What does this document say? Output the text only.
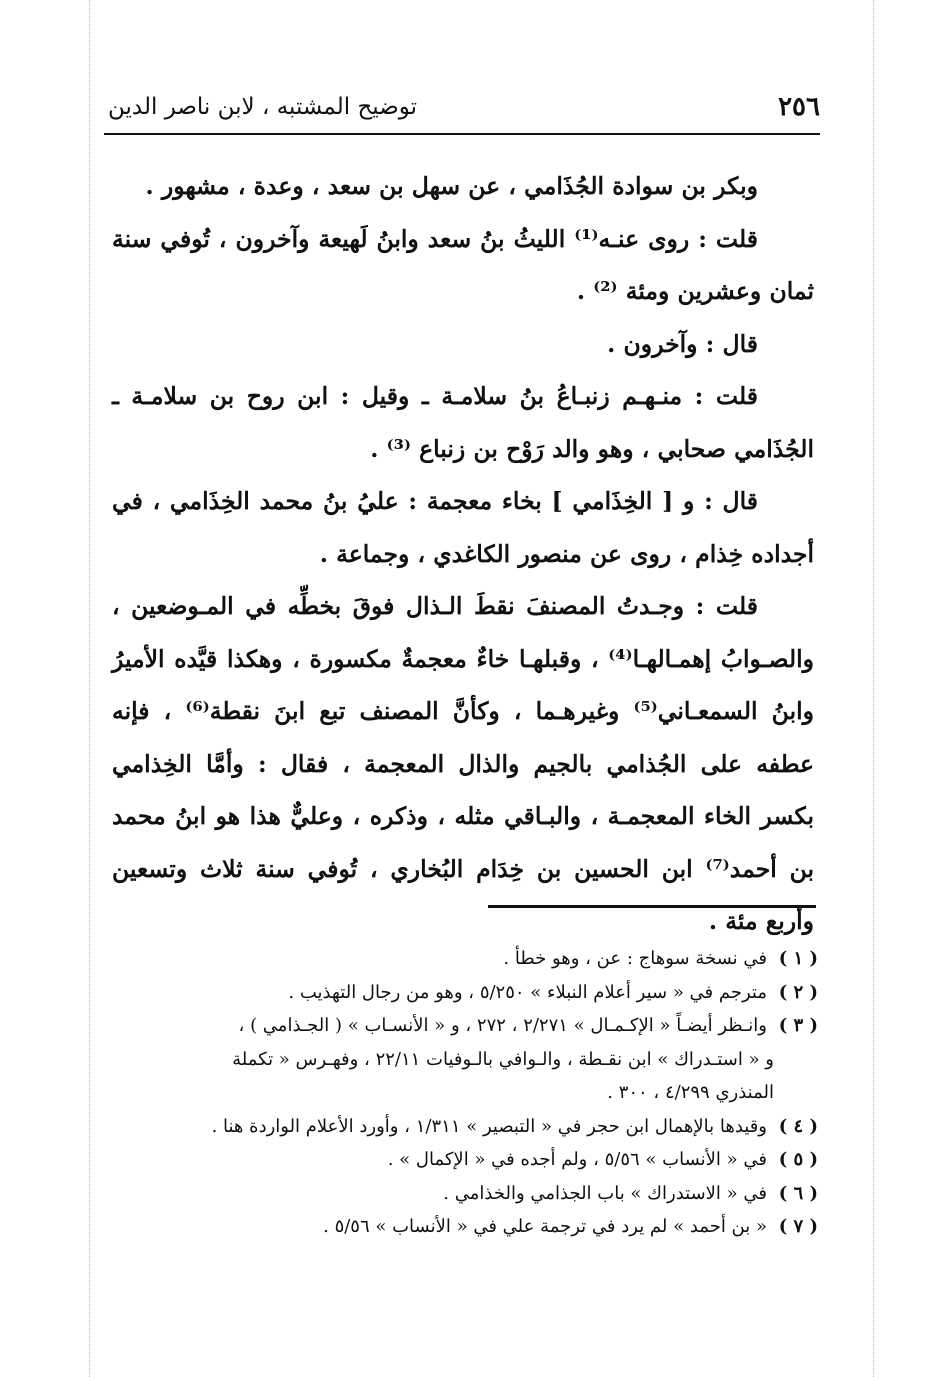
٢٥٦
توضيح المشتبه ، لابن ناصر الدين

وبكر بن سوادة الجُذَامي ، عن سهل بن سعد ، وعدة ، مشهور .

قلت : روى عنـه⁽¹⁾ الليثُ بنُ سعد وابنُ لَهيعة وآخرون ، تُوفي سنة ثمان وعشرين ومئة ⁽²⁾ .

قال : وآخرون .

قلت : منـهـم زنبـاعُ بنُ سلامـة ـ وقيل : ابن روح بن سلامـة ـ الجُذَامي صحابي ، وهو والد رَوْح بن زنباع ⁽³⁾ .

قال : و [ الخِذَامي ] بخاء معجمة : عليُ بنُ محمد الخِذَامي ، في أجداده خِذام ، روى عن منصور الكاغدي ، وجماعة .

قلت : وجـدتُ المصنفَ نقطَ الـذال فوقَ بخطِّه في المـوضعين ، والصـوابُ إهمـالهـا⁽⁴⁾ ، وقبلهـا خاءٌ معجمةٌ مكسورة ، وهكذا قيَّده الأميرُ وابنُ السمعـاني⁽⁵⁾ وغيرهـما ، وكأنَّ المصنف تبع ابنَ نقطة⁽⁶⁾ ، فإنه عطفه على الجُذامي بالجيم والذال المعجمة ، فقال : وأمَّا الخِذامي بكسر الخاء المعجمـة ، والبـاقي مثله ، وذكره ، وعليٌّ هذا هو ابنُ محمد بن أحمد⁽⁷⁾ ابن الحسين بن خِدَام البُخاري ، تُوفي سنة ثلاث وتسعين وأربع مئة .

( ١ ) في نسخة سوهاج : عن ، وهو خطأ .

( ٢ ) مترجم في « سير أعلام النبلاء » ٥/٢٥٠ ، وهو من رجال التهذيب .

( ٣ ) وانـظر أيضـاً « الإكـمـال » ٢/٢٧١ ، ٢٧٢ ، و « الأنسـاب » ( الجـذامي ) ،

و « استـدراك » ابن نقـطة ، والـوافي بالـوفيات ٢٢/١١ ، وفهـرس « تكملة

المنذري ٤/٢٩٩ ، ٣٠٠ .

( ٤ ) وقيدها بالإهمال ابن حجر في « التبصير » ١/٣١١ ، وأورد الأعلام الواردة هنا .

( ٥ ) في « الأنساب » ٥/٥٦ ، ولم أجده في « الإكمال » .

( ٦ ) في « الاستدراك » باب الجذامي والخذامي .

( ٧ ) « بن أحمد » لم يرد في ترجمة علي في « الأنساب » ٥/٥٦ .
